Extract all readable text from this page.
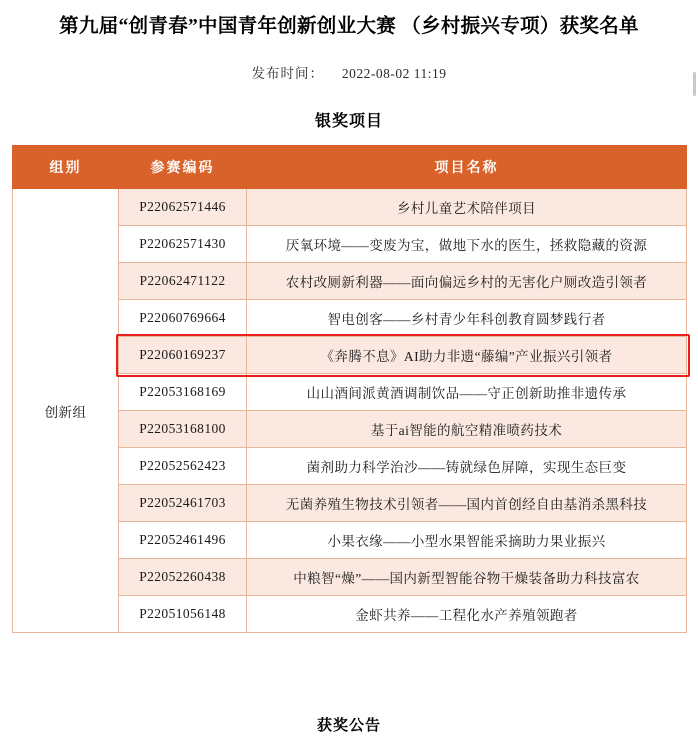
第九届“创青春”中国青年创新创业大赛 （乡村振兴专项）获奖名单
发布时间： 2022-08-02 11:19
银奖项目
组别	参赛编码	项目名称
创新组	P22062571446	乡村儿童艺术陪伴项目
	P22062571430	厌氧环境——变废为宝，做地下水的医生，拯救隐藏的资源
	P22062471122	农村改厕新利器——面向偏远乡村的无害化户厕改造引领者
	P22060769664	智电创客——乡村青少年科创教育圆梦践行者
	P22060169237	《奔腾不息》AI助力非遗“藤编”产业振兴引领者
	P22053168169	山山酒间派黄酒调制饮品——守正创新助推非遗传承
	P22053168100	基于ai智能的航空精准喷药技术
	P22052562423	菌剂助力科学治沙——铸就绿色屏障，实现生态巨变
	P22052461703	无菌养殖生物技术引领者——国内首创经自由基消杀黑科技
	P22052461496	小果衣缘——小型水果智能采摘助力果业振兴
	P22052260438	中粮智“燥”——国内新型智能谷物干燥装备助力科技富农
	P22051056148	金虾共养——工程化水产养殖领跑者
获奖公告
